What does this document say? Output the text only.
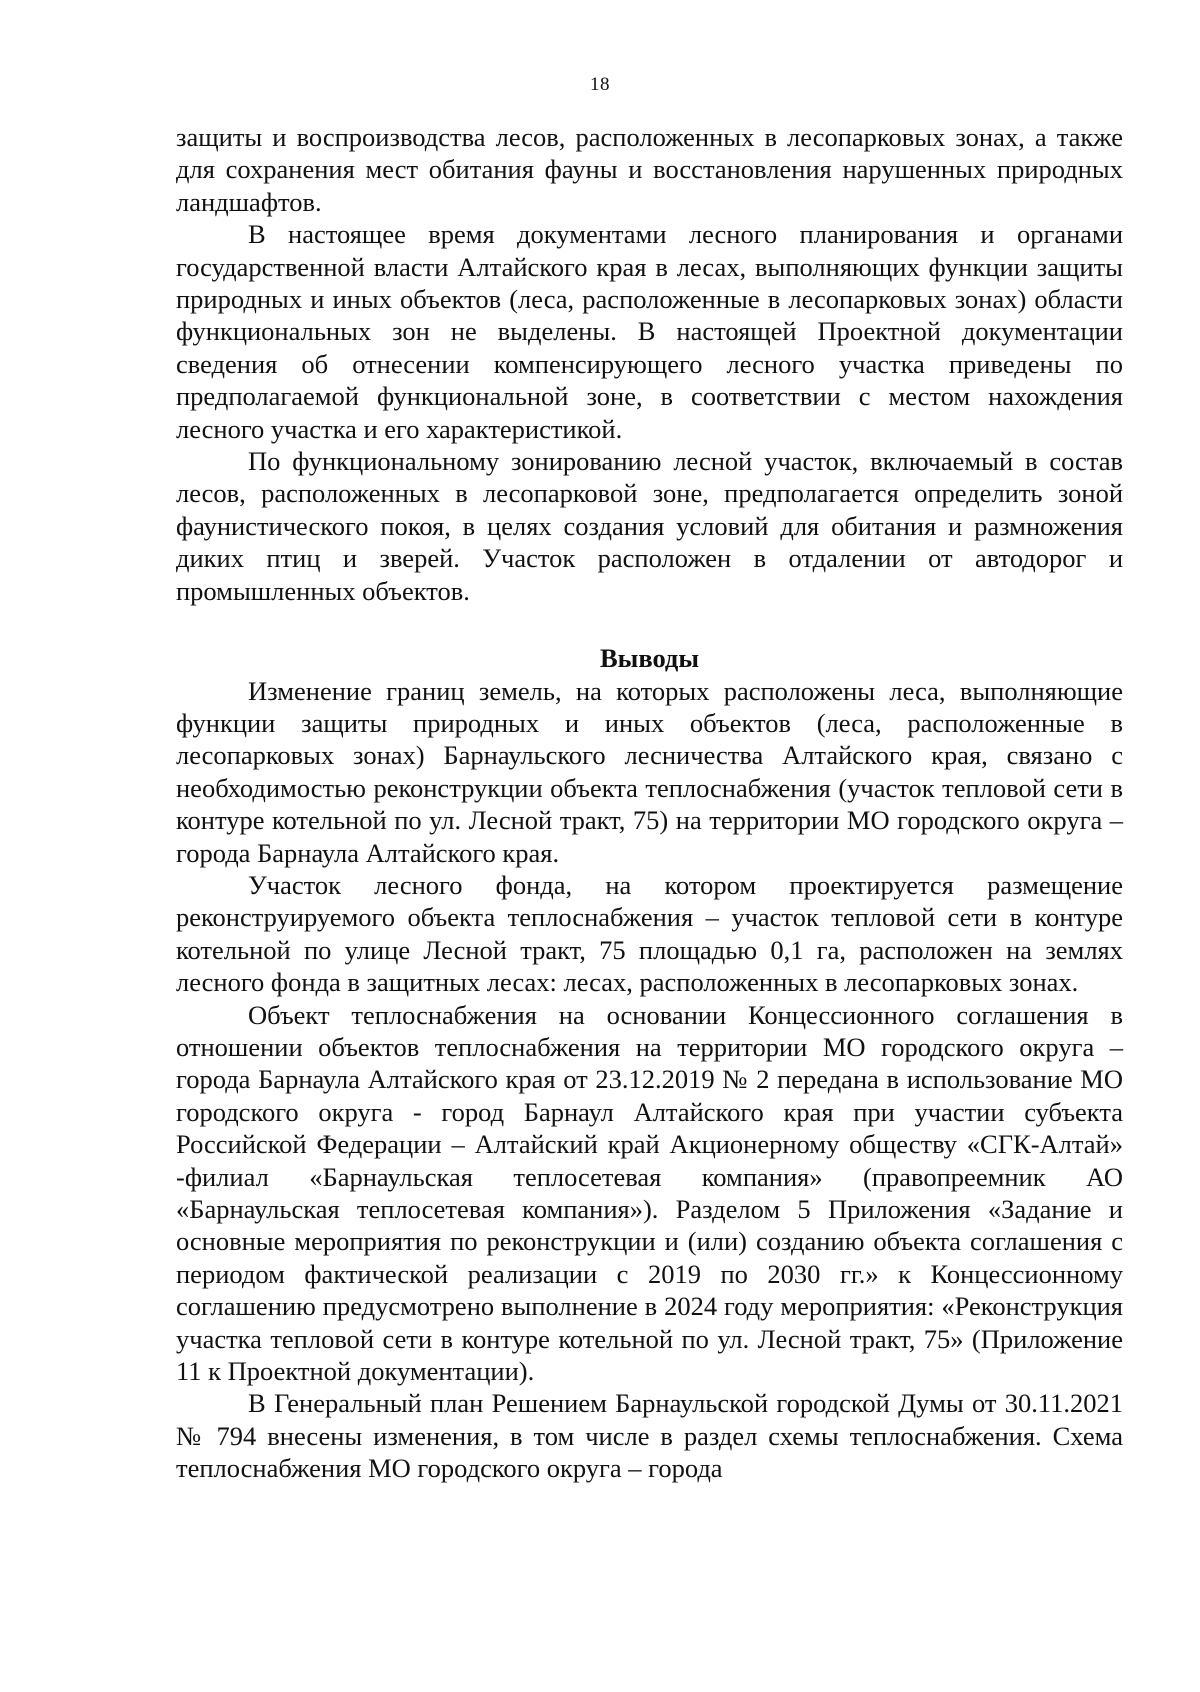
18

защиты и воспроизводства лесов, расположенных в лесопарковых зонах, а также для сохранения мест обитания фауны и восстановления нарушенных природных ландшафтов.

В настоящее время документами лесного планирования и органами государственной власти Алтайского края в лесах, выполняющих функции защиты природных и иных объектов (леса, расположенные в лесопарковых зонах) области функциональных зон не выделены. В настоящей Проектной документации сведения об отнесении компенсирующего лесного участка приведены по предполагаемой функциональной зоне, в соответствии с местом нахождения лесного участка и его характеристикой.

По функциональному зонированию лесной участок, включаемый в состав лесов, расположенных в лесопарковой зоне, предполагается определить зоной фаунистического покоя, в целях создания условий для обитания и размножения диких птиц и зверей. Участок расположен в отдалении от автодорог и промышленных объектов.

Выводы

Изменение границ земель, на которых расположены леса, выполняющие функции защиты природных и иных объектов (леса, расположенные в лесопарковых зонах) Барнаульского лесничества Алтайского края, связано с необходимостью реконструкции объекта теплоснабжения (участок тепловой сети в контуре котельной по ул. Лесной тракт, 75) на территории МО городского округа – города Барнаула Алтайского края.

Участок лесного фонда, на котором проектируется размещение реконструируемого объекта теплоснабжения – участок тепловой сети в контуре котельной по улице Лесной тракт, 75 площадью 0,1 га, расположен на землях лесного фонда в защитных лесах: лесах, расположенных в лесопарковых зонах.

Объект теплоснабжения на основании Концессионного соглашения в отношении объектов теплоснабжения на территории МО городского округа – города Барнаула Алтайского края от 23.12.2019 № 2 передана в использование МО городского округа - город Барнаул Алтайского края при участии субъекта Российской Федерации – Алтайский край Акционерному обществу «СГК-Алтай» -филиал «Барнаульская теплосетевая компания» (правопреемник АО «Барнаульская теплосетевая компания»). Разделом 5 Приложения «Задание и основные мероприятия по реконструкции и (или) созданию объекта соглашения с периодом фактической реализации с 2019 по 2030 гг.» к Концессионному соглашению предусмотрено выполнение в 2024 году мероприятия: «Реконструкция участка тепловой сети в контуре котельной по ул. Лесной тракт, 75» (Приложение 11 к Проектной документации).

В Генеральный план Решением Барнаульской городской Думы от 30.11.2021 № 794 внесены изменения, в том числе в раздел схемы теплоснабжения. Схема теплоснабжения МО городского округа – города
